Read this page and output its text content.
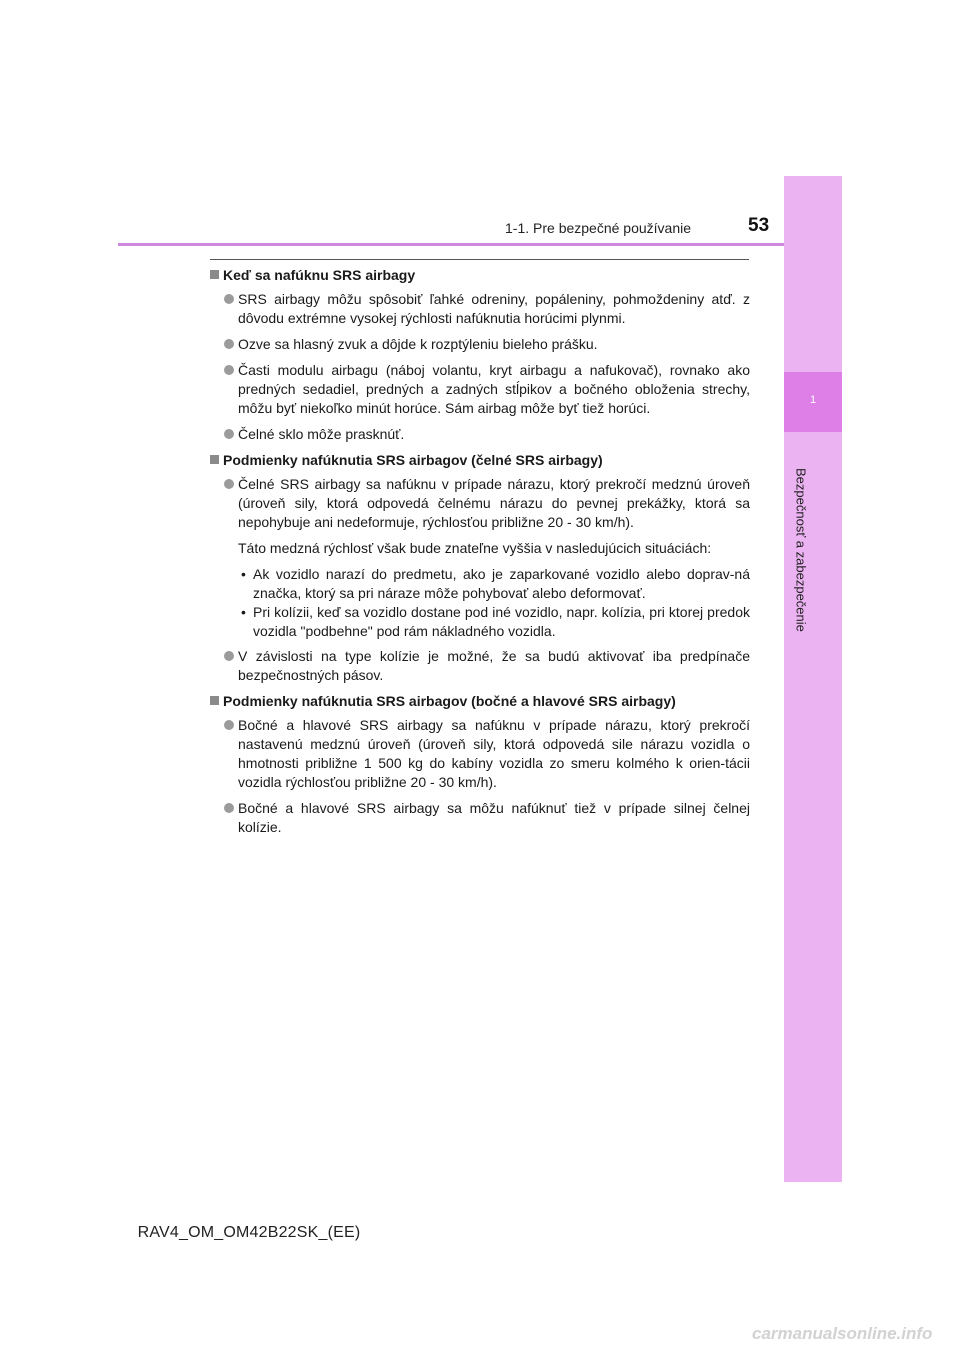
1
Bezpečnosť a zabezpečenie
1-1. Pre bezpečné používanie	53
Keď sa nafúknu SRS airbagy
SRS airbagy môžu spôsobiť ľahké odreniny, popáleniny, pohmoždeniny atď. z dôvodu extrémne vysokej rýchlosti nafúknutia horúcimi plynmi.
Ozve sa hlasný zvuk a dôjde k rozptýleniu bieleho prášku.
Časti modulu airbagu (náboj volantu, kryt airbagu a nafukovač), rovnako ako predných sedadiel, predných a zadných stĺpikov a bočného obloženia strechy, môžu byť niekoľko minút horúce. Sám airbag môže byť tiež horúci.
Čelné sklo môže prasknúť.
Podmienky nafúknutia SRS airbagov (čelné SRS airbagy)
Čelné SRS airbagy sa nafúknu v prípade nárazu, ktorý prekročí medznú úroveň (úroveň sily, ktorá odpovedá čelnému nárazu do pevnej prekážky, ktorá sa nepohybuje ani nedeformuje, rýchlosťou približne 20 - 30 km/h).
Táto medzná rýchlosť však bude znateľne vyššia v nasledujúcich situáciách:
• Ak vozidlo narazí do predmetu, ako je zaparkované vozidlo alebo doprav-ná značka, ktorý sa pri náraze môže pohybovať alebo deformovať.
• Pri kolízii, keď sa vozidlo dostane pod iné vozidlo, napr. kolízia, pri ktorej predok vozidla "podbehne" pod rám nákladného vozidla.
V závislosti na type kolízie je možné, že sa budú aktivovať iba predpínače bezpečnostných pásov.
Podmienky nafúknutia SRS airbagov (bočné a hlavové SRS airbagy)
Bočné a hlavové SRS airbagy sa nafúknu v prípade nárazu, ktorý prekročí nastavenú medznú úroveň (úroveň sily, ktorá odpovedá sile nárazu vozidla o hmotnosti približne 1 500 kg do kabíny vozidla zo smeru kolmého k orien-tácii vozidla rýchlosťou približne 20 - 30 km/h).
Bočné a hlavové SRS airbagy sa môžu nafúknuť tiež v prípade silnej čelnej kolízie.
RAV4_OM_OM42B22SK_(EE)
carmanualsonline.info
